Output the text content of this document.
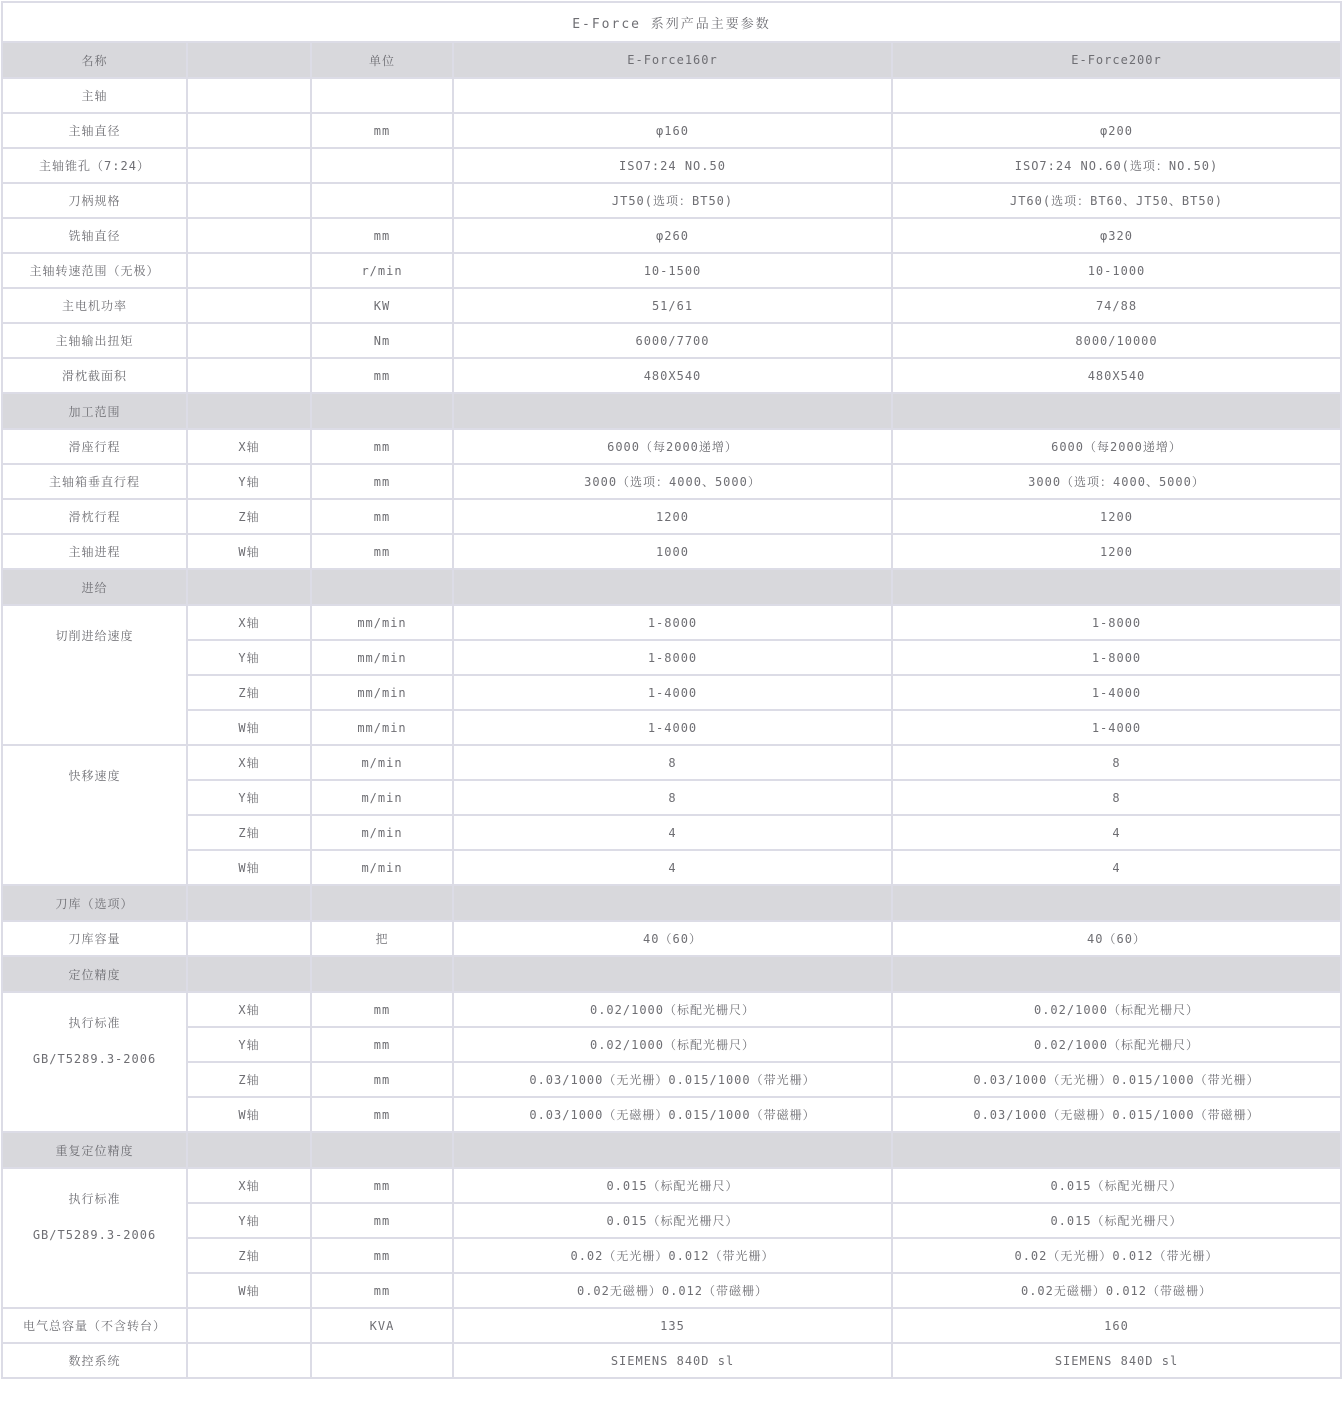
E-Force 系列产品主要参数				
名称		单位	E-Force160r	E-Force200r
主轴				
主轴直径		mm	φ160	φ200
主轴锥孔（7:24）			ISO7:24 NO.50	ISO7:24 NO.60(选项：NO.50)
刀柄规格			JT50(选项：BT50)	JT60(选项：BT60、JT50、BT50)
铣轴直径		mm	φ260	φ320
主轴转速范围（无极）		r/min	10-1500	10-1000
主电机功率		KW	51/61	74/88
主轴输出扭矩		Nm	6000/7700	8000/10000
滑枕截面积		mm	480X540	480X540
加工范围				
滑座行程	X轴	mm	6000（每2000递增）	6000（每2000递增）
主轴箱垂直行程	Y轴	mm	3000（选项：4000、5000）	3000（选项：4000、5000）
滑枕行程	Z轴	mm	1200	1200
主轴进程	W轴	mm	1000	1200
进给				
切削进给速度	X轴	mm/min	1-8000	1-8000
	Y轴	mm/min	1-8000	1-8000
	Z轴	mm/min	1-4000	1-4000
	W轴	mm/min	1-4000	1-4000
快移速度	X轴	m/min	8	8
	Y轴	m/min	8	8
	Z轴	m/min	4	4
	W轴	m/min	4	4
刀库（选项）				
刀库容量		把	40（60）	40（60）
定位精度				

执行标准
GB/T5289.3-2006	X轴	mm	0.02/1000（标配光栅尺）	0.02/1000（标配光栅尺）
	Y轴	mm	0.02/1000（标配光栅尺）	0.02/1000（标配光栅尺）
	Z轴	mm	0.03/1000（无光栅）0.015/1000（带光栅）	0.03/1000（无光栅）0.015/1000（带光栅）
	W轴	mm	0.03/1000（无磁栅）0.015/1000（带磁栅）	0.03/1000（无磁栅）0.015/1000（带磁栅）
重复定位精度				

执行标准
GB/T5289.3-2006	X轴	mm	0.015（标配光栅尺）	0.015（标配光栅尺）
	Y轴	mm	0.015（标配光栅尺）	0.015（标配光栅尺）
	Z轴	mm	0.02（无光栅）0.012（带光栅）	0.02（无光栅）0.012（带光栅）
	W轴	mm	0.02无磁栅）0.012（带磁栅）	0.02无磁栅）0.012（带磁栅）
电气总容量（不含转台）		KVA	135	160
数控系统			SIEMENS 840D sl	SIEMENS 840D sl
